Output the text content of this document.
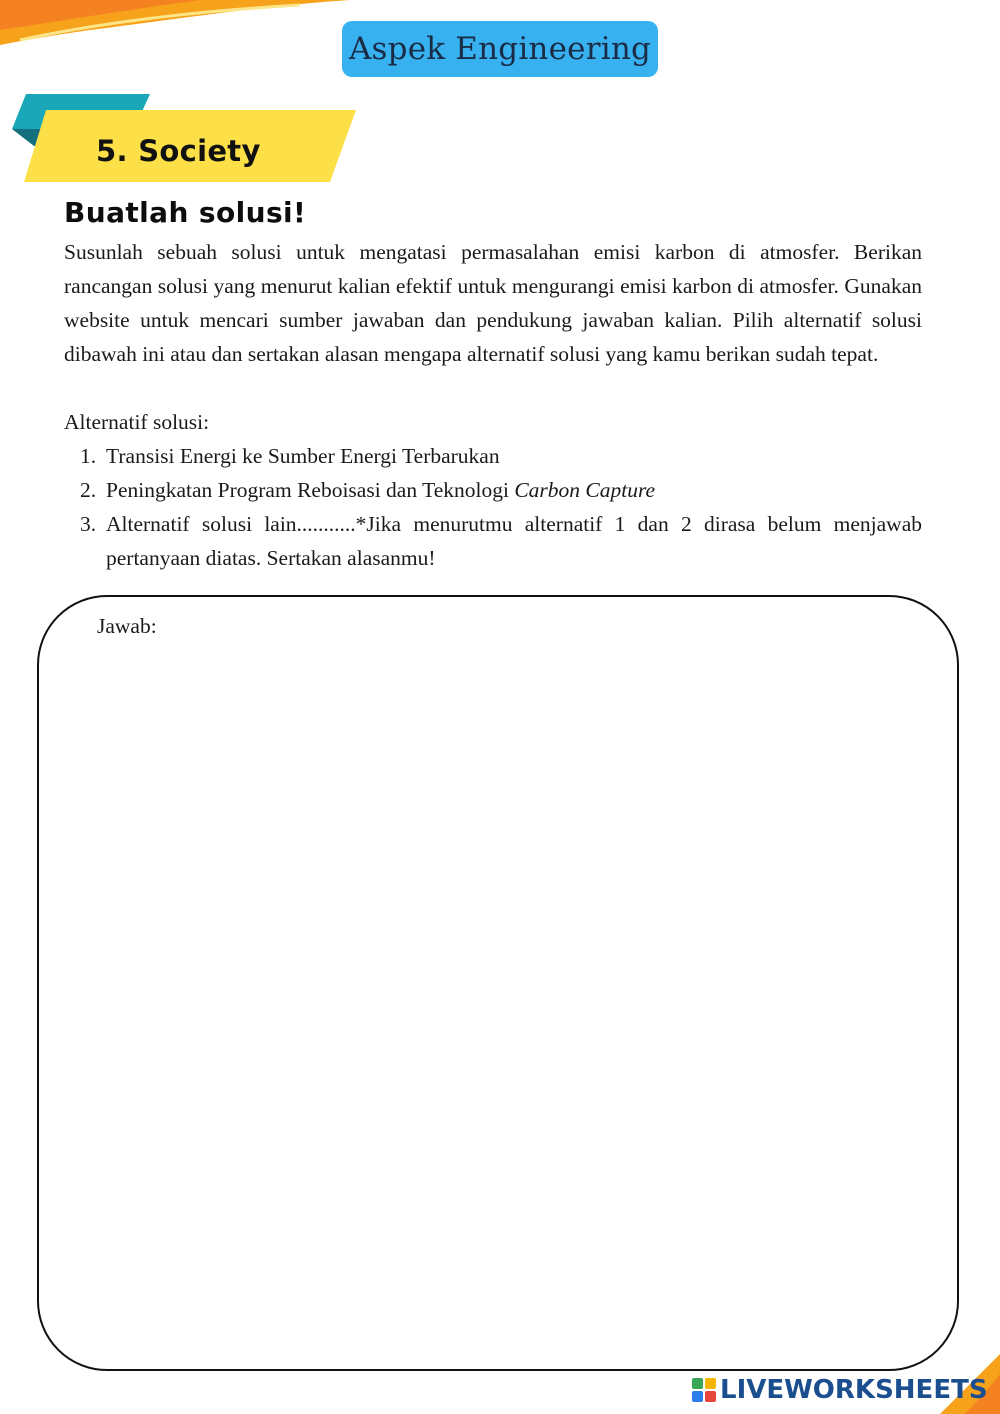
Aspek Engineering
5. Society
Buatlah solusi!

Susunlah sebuah solusi untuk mengatasi permasalahan emisi karbon di atmosfer. Berikan rancangan solusi yang menurut kalian efektif untuk mengurangi emisi karbon di atmosfer. Gunakan website untuk mencari sumber jawaban dan pendukung jawaban kalian. Pilih alternatif solusi dibawah ini atau dan sertakan alasan mengapa alternatif solusi yang kamu berikan sudah tepat.

Alternatif solusi:
1. Transisi Energi ke Sumber Energi Terbarukan
2. Peningkatan Program Reboisasi dan Teknologi Carbon Capture
3. Alternatif solusi lain...........*Jika menurutmu alternatif 1 dan 2 dirasa belum menjawab pertanyaan diatas. Sertakan alasanmu!
Jawab:
LIVEWORKSHEETS
